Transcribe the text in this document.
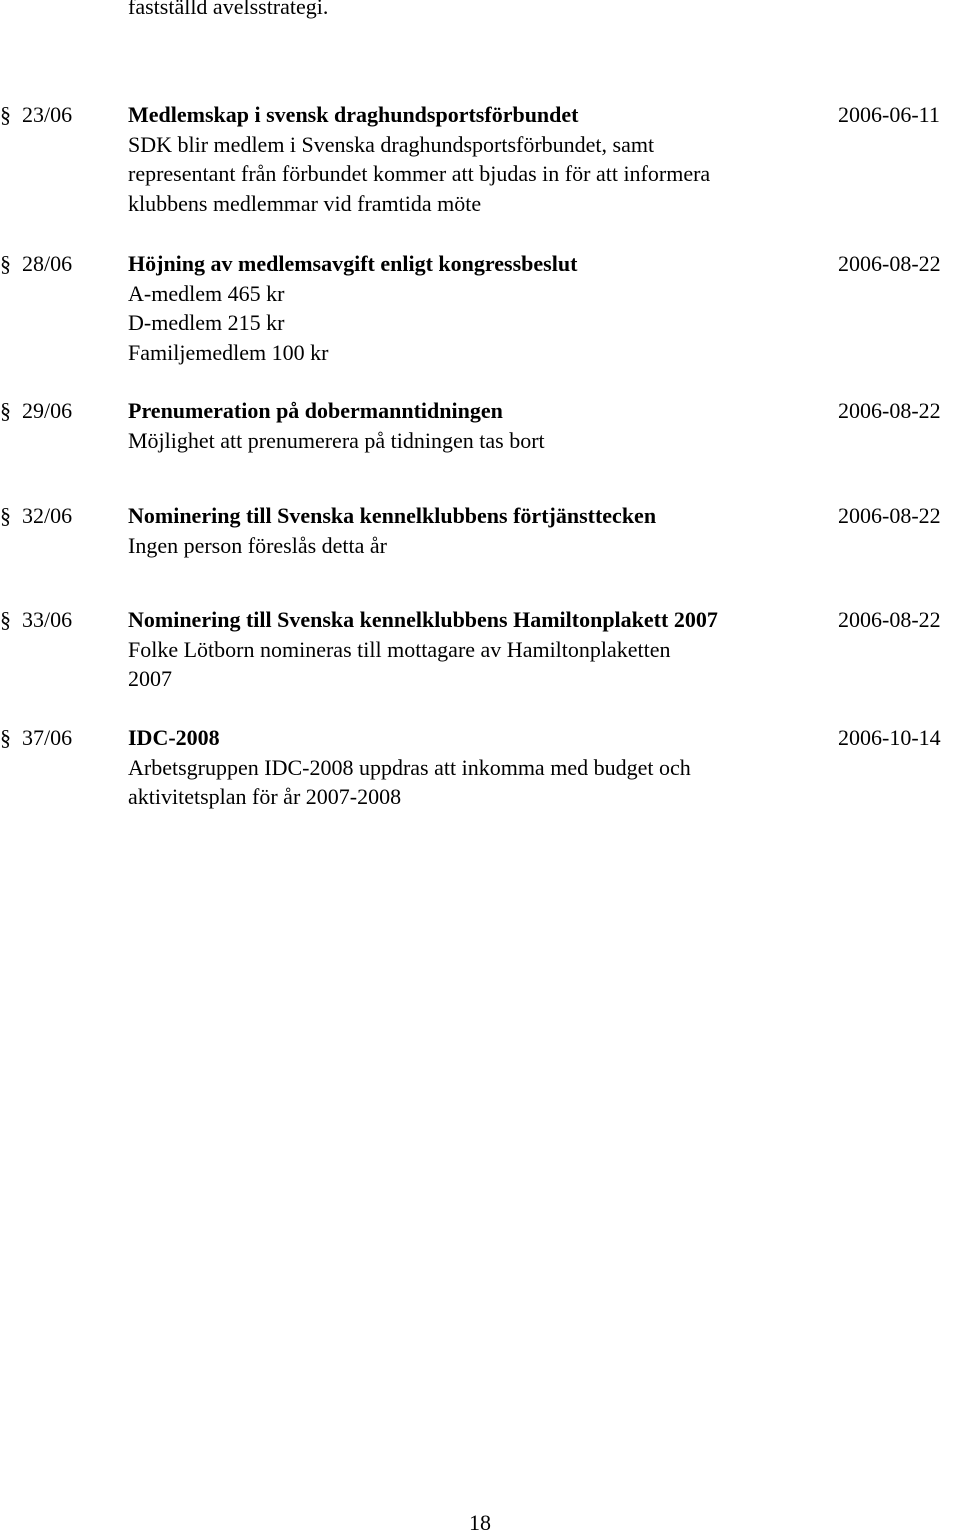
fastställd avelsstrategi.

§ 23/06	Medlemskap i svensk draghundsportsförbundet
SDK blir medlem i Svenska draghundsportsförbundet, samt
representant från förbundet kommer att bjudas in för att informera
klubbens medlemmar vid framtida möte
2006-06-11
§ 28/06	Höjning av medlemsavgift enligt kongressbeslut
A-medlem 465 kr
D-medlem 215 kr
Familjemedlem 100 kr
2006-08-22
§ 29/06	Prenumeration på dobermanntidningen
Möjlighet att prenumerera på tidningen tas bort
2006-08-22
§ 32/06	Nominering till Svenska kennelklubbens förtjänsttecken
Ingen person föreslås detta år
2006-08-22
§ 33/06	Nominering till Svenska kennelklubbens Hamiltonplakett 2007
Folke Lötborn nomineras till mottagare av Hamiltonplaketten
2007
2006-08-22
§ 37/06	IDC-2008
Arbetsgruppen IDC-2008 uppdras att inkomma med budget och
aktivitetsplan för år 2007-2008
2006-10-14
18
